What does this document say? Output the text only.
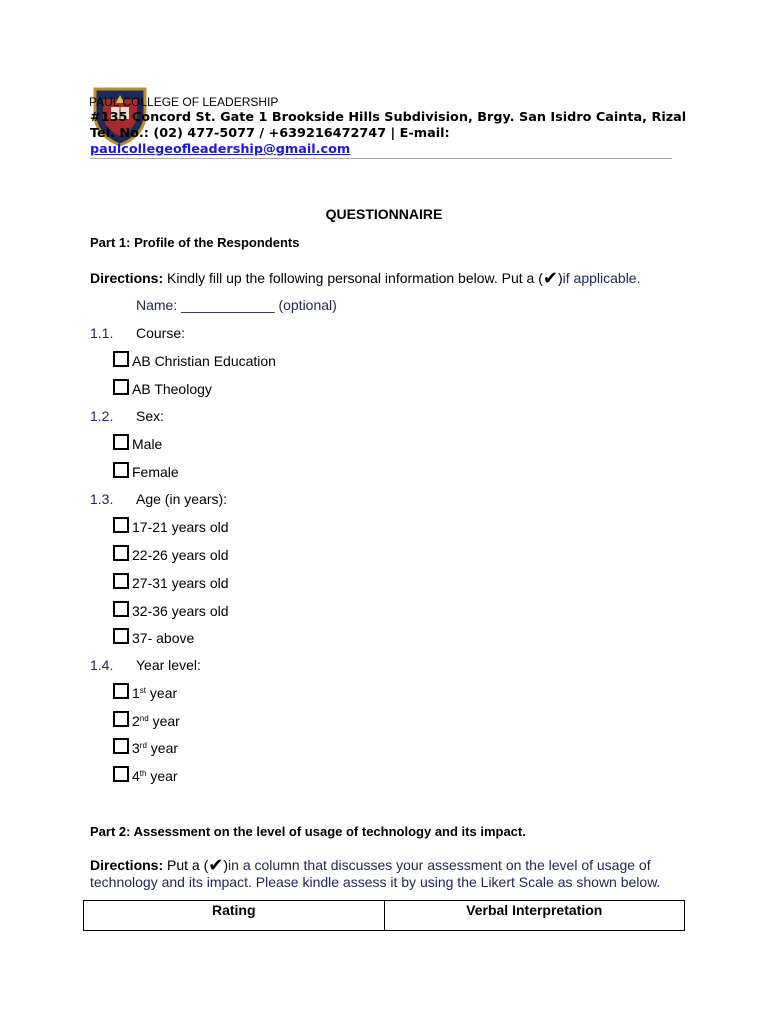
PAUL COLLEGE OF LEADERSHIP
#135 Concord St. Gate 1 Brookside Hills Subdivision, Brgy. San Isidro Cainta, Rizal
Tel. No.: (02) 477-5077 / +639216472747 | E-mail:
paulcollegeofleadership@gmail.com
QUESTIONNAIRE
Part 1: Profile of the Respondents
Directions: Kindly fill up the following personal information below. Put a (✔)if applicable.
Name: ____________ (optional)
1.1. Course:
AB Christian Education
AB Theology
1.2. Sex:
Male
Female
1.3. Age (in years):
17-21 years old
22-26 years old
27-31 years old
32-36 years old
37- above
1.4. Year level:
1st year
2nd year
3rd year
4th year
Part 2: Assessment on the level of usage of technology and its impact.
Directions: Put a (✔)in a column that discusses your assessment on the level of usage of
technology and its impact. Please kindle assess it by using the Likert Scale as shown below.
Rating	Verbal Interpretation
